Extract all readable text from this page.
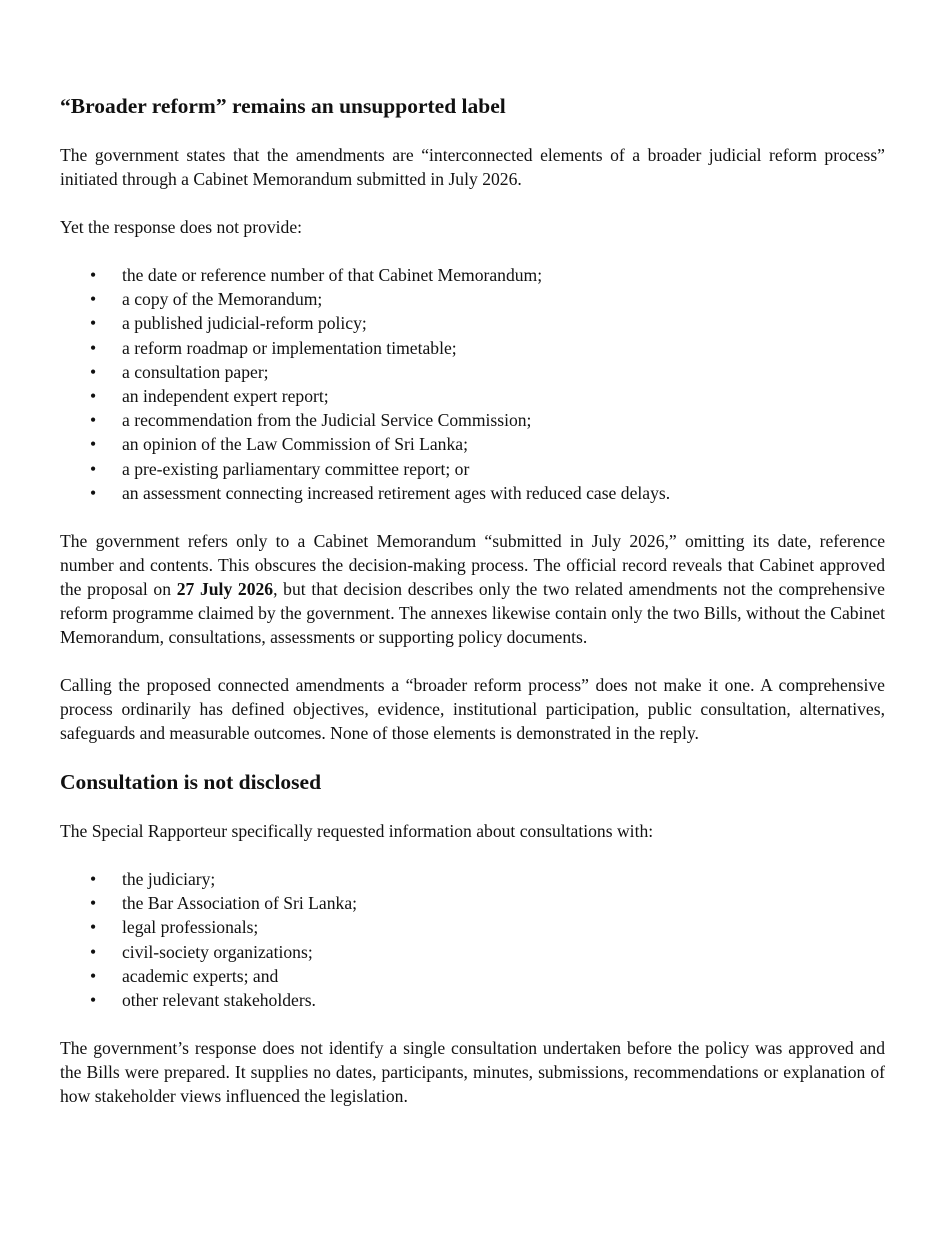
“Broader reform” remains an unsupported label

The government states that the amendments are “interconnected elements of a broader judicial reform process” initiated through a Cabinet Memorandum submitted in July 2026.

Yet the response does not provide:

• the date or reference number of that Cabinet Memorandum;
• a copy of the Memorandum;
• a published judicial-reform policy;
• a reform roadmap or implementation timetable;
• a consultation paper;
• an independent expert report;
• a recommendation from the Judicial Service Commission;
• an opinion of the Law Commission of Sri Lanka;
• a pre-existing parliamentary committee report; or
• an assessment connecting increased retirement ages with reduced case delays.

The government refers only to a Cabinet Memorandum “submitted in July 2026,” omitting its date, reference number and contents. This obscures the decision-making process. The official record reveals that Cabinet approved the proposal on 27 July 2026, but that decision describes only the two related amendments not the comprehensive reform programme claimed by the government. The annexes likewise contain only the two Bills, without the Cabinet Memorandum, consultations, assessments or supporting policy documents.

Calling the proposed connected amendments a “broader reform process” does not make it one. A comprehensive process ordinarily has defined objectives, evidence, institutional participation, public consultation, alternatives, safeguards and measurable outcomes. None of those elements is demonstrated in the reply.

Consultation is not disclosed

The Special Rapporteur specifically requested information about consultations with:

• the judiciary;
• the Bar Association of Sri Lanka;
• legal professionals;
• civil-society organizations;
• academic experts; and
• other relevant stakeholders.

The government’s response does not identify a single consultation undertaken before the policy was approved and the Bills were prepared. It supplies no dates, participants, minutes, submissions, recommendations or explanation of how stakeholder views influenced the legislation.
